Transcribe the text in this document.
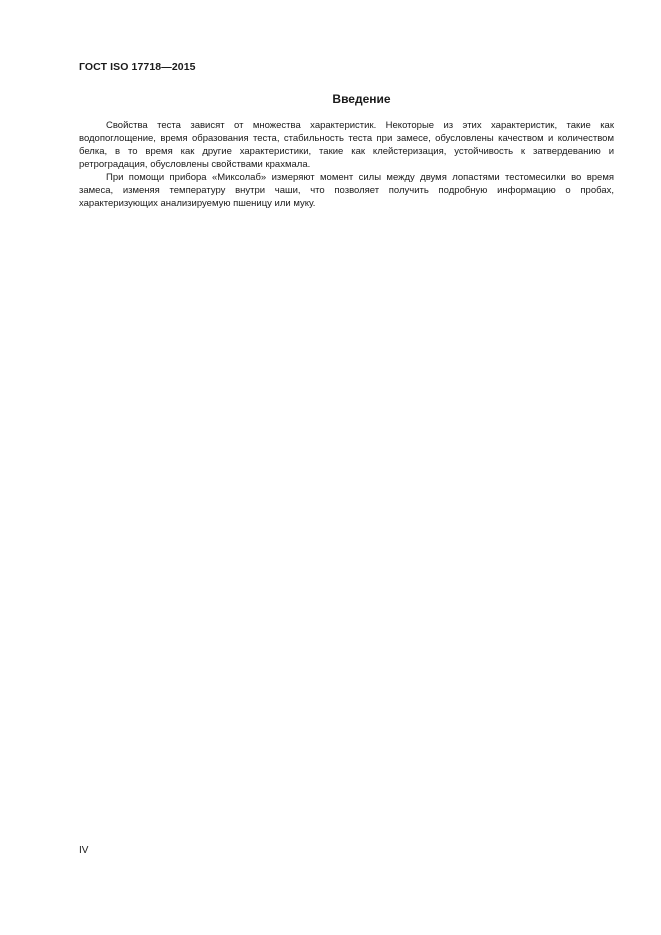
ГОСТ ISO 17718—2015
Введение

Свойства теста зависят от множества характеристик. Некоторые из этих характеристик, такие как водопоглощение, время образования теста, стабильность теста при замесе, обусловлены качеством и количеством белка, в то время как другие характеристики, такие как клейстеризация, устойчивость к затвердеванию и ретроградация, обусловлены свойствами крахмала.

При помощи прибора «Миксолаб» измеряют момент силы между двумя лопастями тестомесилки во время замеса, изменяя температуру внутри чаши, что позволяет получить подробную информацию о пробах, характеризующих анализируемую пшеницу или муку.

IV
